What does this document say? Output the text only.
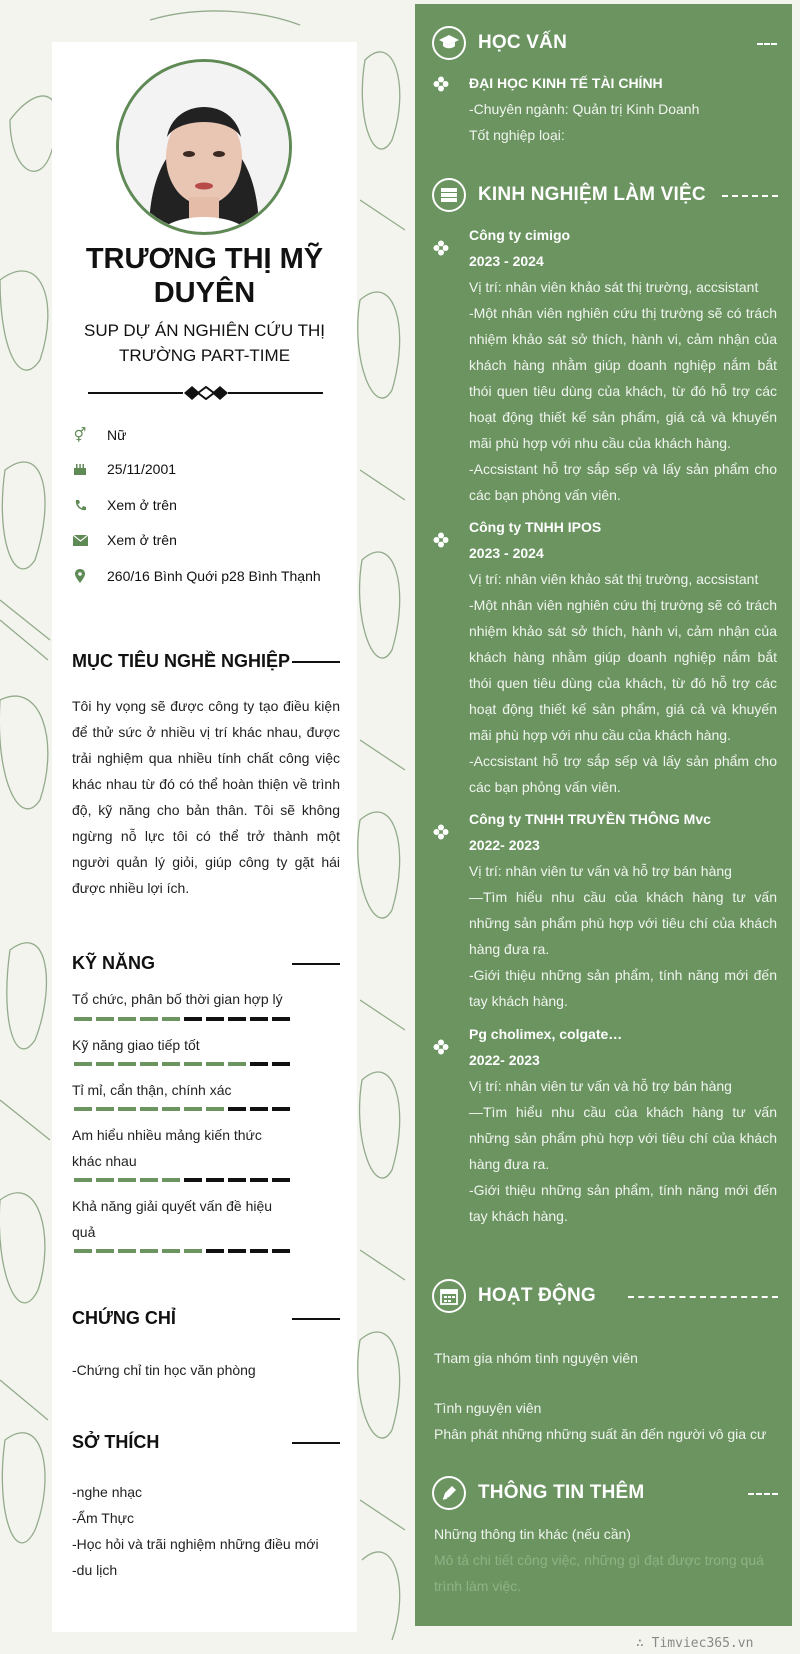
TRƯƠNG THỊ MỸ
DUYÊN
SUP DỰ ÁN NGHIÊN CỨU THỊ
TRƯỜNG PART-TIME
⚥ Nữ
25/11/2001
Xem ở trên
Xem ở trên
260/16 Bình Quới p28 Bình Thạnh
MỤC TIÊU NGHỀ NGHIỆP
Tôi hy vọng sẽ được công ty tạo điều kiện để thử sức ở nhiều vị trí khác nhau, được trải nghiệm qua nhiều tính chất công việc khác nhau từ đó có thể hoàn thiện về trình độ, kỹ năng cho bản thân. Tôi sẽ không ngừng nỗ lực tôi có thể trở thành một người quản lý giỏi, giúp công ty gặt hái được nhiều lợi ích.
KỸ NĂNG
Tổ chức, phân bố thời gian hợp lý
Kỹ năng giao tiếp tốt
Tỉ mỉ, cẩn thận, chính xác
Am hiểu nhiều mảng kiến thức khác nhau
Khả năng giải quyết vấn đề hiệu quả
CHỨNG CHỈ
-Chứng chỉ tin học văn phòng
SỞ THÍCH
-nghe nhạc
-Ẩm Thực
-Học hỏi và trãi nghiệm những điều mới
-du lịch
HỌC VẤN
ĐẠI HỌC KINH TẾ TÀI CHÍNH
-Chuyên ngành: Quản trị Kinh Doanh
Tốt nghiệp loại:
KINH NGHIỆM LÀM VIỆC
Công ty cimigo
2023 - 2024
Vị trí: nhân viên khảo sát thị trường, accsistant
-Một nhân viên nghiên cứu thị trường sẽ có trách nhiệm khảo sát sở thích, hành vi, cảm nhận của khách hàng nhằm giúp doanh nghiệp nắm bắt thói quen tiêu dùng của khách, từ đó hỗ trợ các hoạt động thiết kế sản phẩm, giá cả và khuyến mãi phù hợp với nhu cầu của khách hàng.
-Accsistant hỗ trợ sắp sếp và lấy sản phẩm cho các bạn phỏng vấn viên.
Công ty TNHH IPOS
2023 - 2024
Vị trí: nhân viên khảo sát thị trường, accsistant
-Một nhân viên nghiên cứu thị trường sẽ có trách nhiệm khảo sát sở thích, hành vi, cảm nhận của khách hàng nhằm giúp doanh nghiệp nắm bắt thói quen tiêu dùng của khách, từ đó hỗ trợ các hoạt động thiết kế sản phẩm, giá cả và khuyến mãi phù hợp với nhu cầu của khách hàng.
-Accsistant hỗ trợ sắp sếp và lấy sản phẩm cho các bạn phỏng vấn viên.
Công ty TNHH TRUYỀN THÔNG Mvc
2022- 2023
Vị trí: nhân viên tư vấn và hỗ trợ bán hàng
—Tìm hiểu nhu cầu của khách hàng tư vấn những sản phẩm phù hợp với tiêu chí của khách hàng đưa ra.
-Giới thiệu những sản phẩm, tính năng mới đến tay khách hàng.
Pg cholimex, colgate…
2022- 2023
Vị trí: nhân viên tư vấn và hỗ trợ bán hàng
—Tìm hiểu nhu cầu của khách hàng tư vấn những sản phẩm phù hợp với tiêu chí của khách hàng đưa ra.
-Giới thiệu những sản phẩm, tính năng mới đến tay khách hàng.
HOẠT ĐỘNG
Tham gia nhóm tình nguyện viên
Tình nguyện viên
Phân phát những những suất ăn đến người vô gia cư
THÔNG TIN THÊM
Những thông tin khác (nếu cần)
Mô tả chi tiết công việc, những gì đạt được trong quá trình làm việc.
∴ Timviec365.vn
